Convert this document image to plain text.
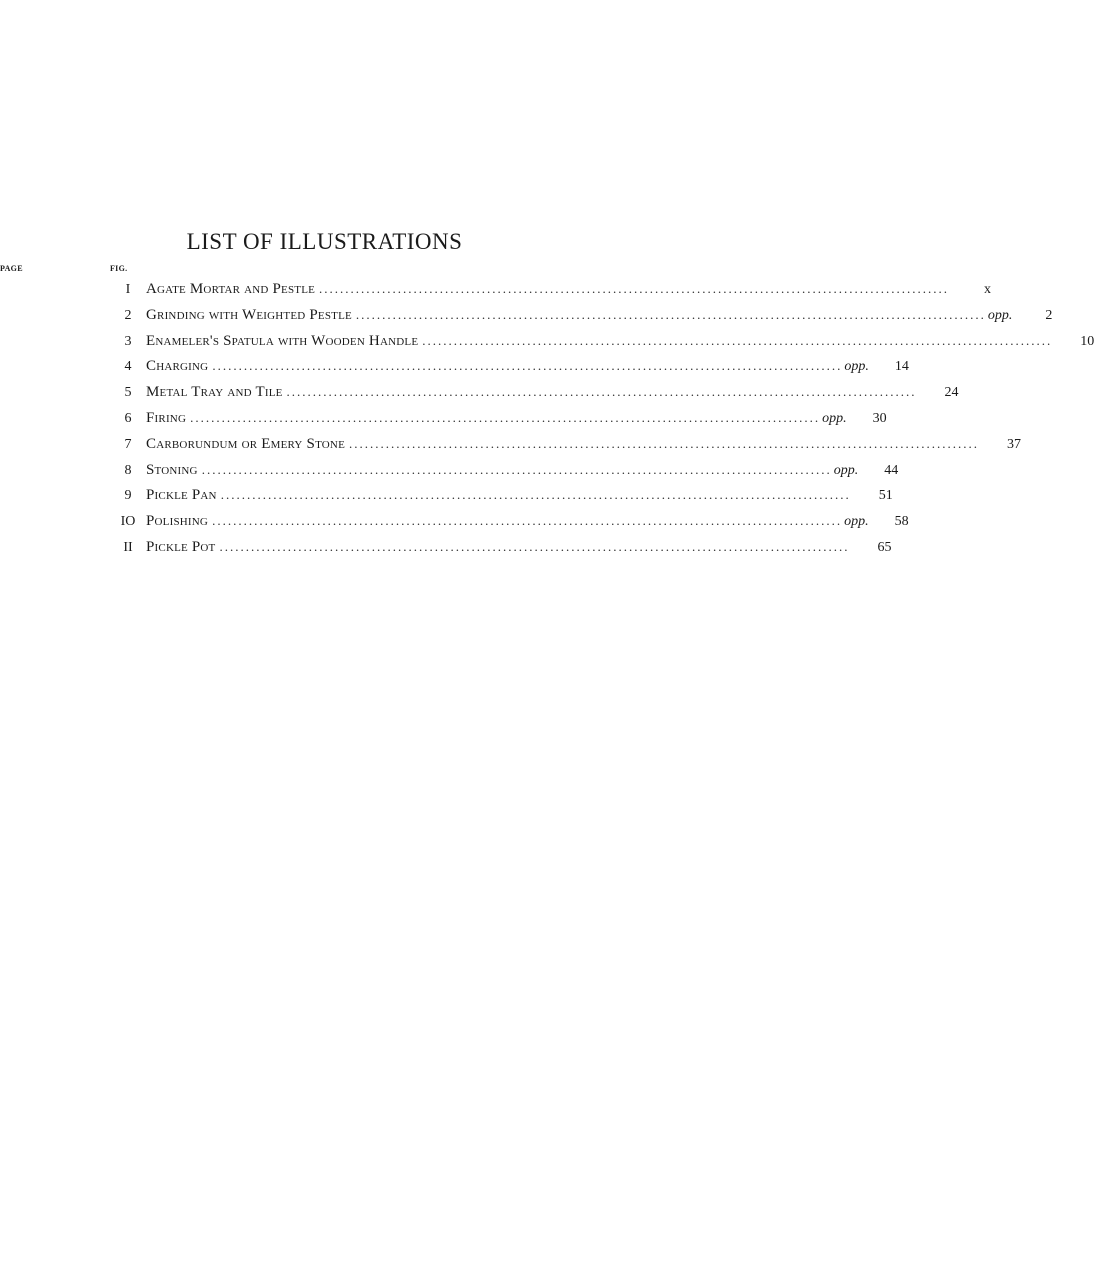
LIST OF ILLUSTRATIONS
FIG.
PAGE
I	Agate Mortar and Pestle ........................................................................................................................	x
2 Grinding with Weighted Pestle ........................................................................................................................ opp.	2
3 Enameler's Spatula with Wooden Handle ........................................................................................................................	10
4 Charging ........................................................................................................................ opp.	14
5 Metal Tray and Tile ........................................................................................................................	24
6 Firing ........................................................................................................................ opp.	30
7 Carborundum or Emery Stone ........................................................................................................................	37
8 Stoning ........................................................................................................................ opp.	44
9 Pickle Pan ........................................................................................................................	51
IO Polishing ........................................................................................................................ opp.	58
II Pickle Pot ........................................................................................................................	65
